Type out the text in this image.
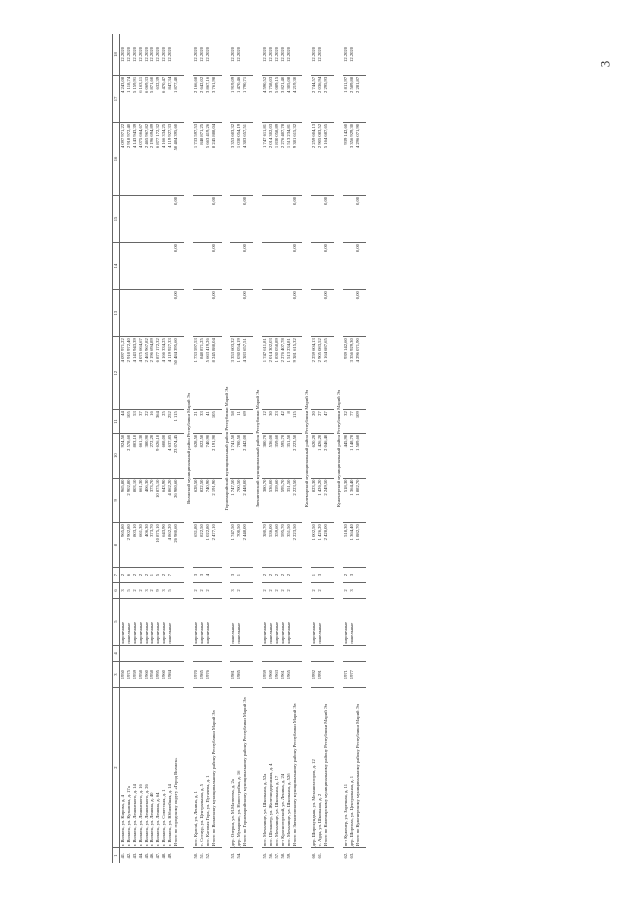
3
1	2	3	4	5	6	7	8	9	10	11	12	13	14	15	16	17	18
41.	г. Волжск, ул. Кирова, д. 4	1950		кирпичные	3	2	965,80	965,80	924,50	44	4 097 971,22				4 097 971,22	4 243,08	12.2020
42.	г. Волжск, ул. Кузьмина, д. 17а	1975		панельные	5	6	2 902,80	2 902,80	2 578,60	105	2 918 972,40				2 918 972,40	1 118,74	12.2020
43.	г. Волжск, ул. Ленинского, д. 14	1959		кирпичные	2	2	803,10	803,10	803,10	53	4 143 943,39				4 143 943,39	5 159,91	12.2020
44.	г. Волжск, ул. Ленинского, д. 16	1958		кирпичные	2	2	661,30	661,30	661,30	37	4 075 664,67				4 075 664,67	6 163,11	12.2020
45.	г. Волжск, ул. Ленинского, д. 26	1960		кирпичные	3	2	406,30	406,30	380,90	22	2 465 967,82				2 465 967,82	6 069,33	12.2020
46.	г. Волжск, ул. Ленина, д. 40	1958		кирпичные	2	1	373,70	373,70	272,20	16	2 196 694,89				2 196 694,89	5 871,60	12.2020
47.	г. Волжск, ул. Ленина, д. 64	1995		кирпичные	9	5	10 875,10	10 875,10	9 626,10	364	6 877 172,32				6 877 172,32	632,39	12.2020
48.	г. Волжск, ул. Советская, д. 1	1960		кирпичные	3	2	643,90	643,90	608,00	25	4 166 334,25				4 166 334,25	6 470,47	12.2020
49.	г. Волжск, ул. Юбилейная, д. 14	1984		панельные	5	7	4 862,20	4 862,20	4 637,85	252	4 119 927,33				4 119 927,33	847,34	12.2020
	Итого по городскому округу «Город Волжск»						26 980,60	26 980,60	23 074,45	1 115	50 484 395,60	0,00	0,00	0,00	50 484 395,60	1 877,40	

Волжский муниципальный район Республики Марий Эл																	
50.	пос. Краснi, ул. Ленина, д. 1	1970		кирпичные	2	3	631,80	628,50	628,50	21	1 733 597,53				1 733 597,53	2 166,68	12.2020
51.	с. Сотнур, ул. Центральная, д. 5	1985		кирпичные	2	3	822,50	822,50	822,50	33	848 871,25				848 871,25	2 642,02	12.2020
52.	пос. Катовая Гора, ул. Пугачева, д. 1	1976		кирпичные	2	4	1 022,80	740,90	740,90	41	5 663 419,26				5 663 419,26	3 867,16	12.2020
	Итого по Волжскому муниципальному району Республики Марий Эл						2 477,10	2 191,90	2 191,90	105	8 245 888,04	0,00	0,00	0,00	8 245 888,04	3 761,98	

Горномарийский муниципальный район Республики Марий Эл																	
53.	дер. Озерки, ул. М.Матвеева, д. 2а	1981		панельные	3	3	1 747,50	1 747,50	1 741,50	58	3 353 603,32				3 353 603,32	1 919,09	12.2020
54.	дер. Мумарино, ул. Новостройка, д. 16	1985		панельные	2	1	700,50	700,50	700,50	11	1 030 054,19				1 030 054,19	1 470,46	12.2020
	Итого по Горномарийскому муниципальному району Республики Марий Эл						2 448,00	2 448,00	2 442,00	69	4 383 657,51	0,00	0,00	0,00	4 383 657,51	1 790,71	

Звениговский муниципальный район Республики Марий Эл																	
55.	пос. Мочалище, ул. Школьная, д. 52а	1959		кирпичные	2	2	380,70	380,70	380,70	12	1 747 611,81				1 747 611,81	4 590,52	12.2020
56.	пос. Шелангер, ул. Железнодорожная, д. 4	1960		панельные	2	2	536,00	536,00	536,00	30	2 014 302,03				2 014 302,03	3 758,03	12.2020
57.	пос. Мочалище, ул. Школьная, д. 17	1963		кирпичные	2	2	359,60	359,60	359,60	23	1 830 058,89				1 830 058,89	5 089,15	12.2020
58.	пгт Красногорский, ул. Ленина, д. 24	1961		кирпичные	2	2	595,70	595,70	595,70	42	2 276 407,78				2 276 407,78	3 821,40	12.2020
59.	пос. Мочалище, ул. Школьная, д. 52б	1965		кирпичные	2	2	351,50	351,50	351,50	8	1 513 234,81				1 513 234,81	4 305,08	12.2020
	Итого по Звениговскому муниципальному району Республики Марий Эл						2 223,50	2 223,50	2 223,50	115	9 381 615,32	0,00	0,00	0,00	9 381 615,32	4 219,30	

Килемарский муниципальный район Республики Марий Эл																	
60.	дер. Широкундыш, ул. Механизаторов, д. 12	1992		кирпичные	2	1	1 002,50	823,30	620,20	20	2 259 604,13				2 259 604,13	2 744,57	12.2020
61.	с. Арда, ул. Школьная, д. 2	1991		панельные	2	3	1 426,20	1 426,20	1 426,20	27	2 905 083,52				2 905 083,52	2 036,94	12.2020
	Итого по Килемарскому муниципальному району Республики Марий Эл						2 428,00	2 249,50	2 046,40	47	5 164 687,65	0,00	0,00	0,00	5 164 687,65	2 295,93	

Куженерский муниципальный район Республики Марий Эл																	
62.	пгт Куженер, ул. Заречная, д. 11	1971		кирпичные	2	2	518,30	518,30	445,90	32	939 142,60				939 142,60	1 811,97	12.2020
63.	дер. Шорсола, ул. Центральная, д. 1	1977		панельные	3	3	1 364,40	1 364,40	1 148,70	77	3 356 929,30				3 356 929,30	2 589,88	12.2020
	Итого по Куженерскому муниципальному району Республики Марий Эл						1 882,70	1 882,70	1 589,60	109	4 296 071,90	0,00	0,00	0,00	4 296 071,90	2 281,87	
